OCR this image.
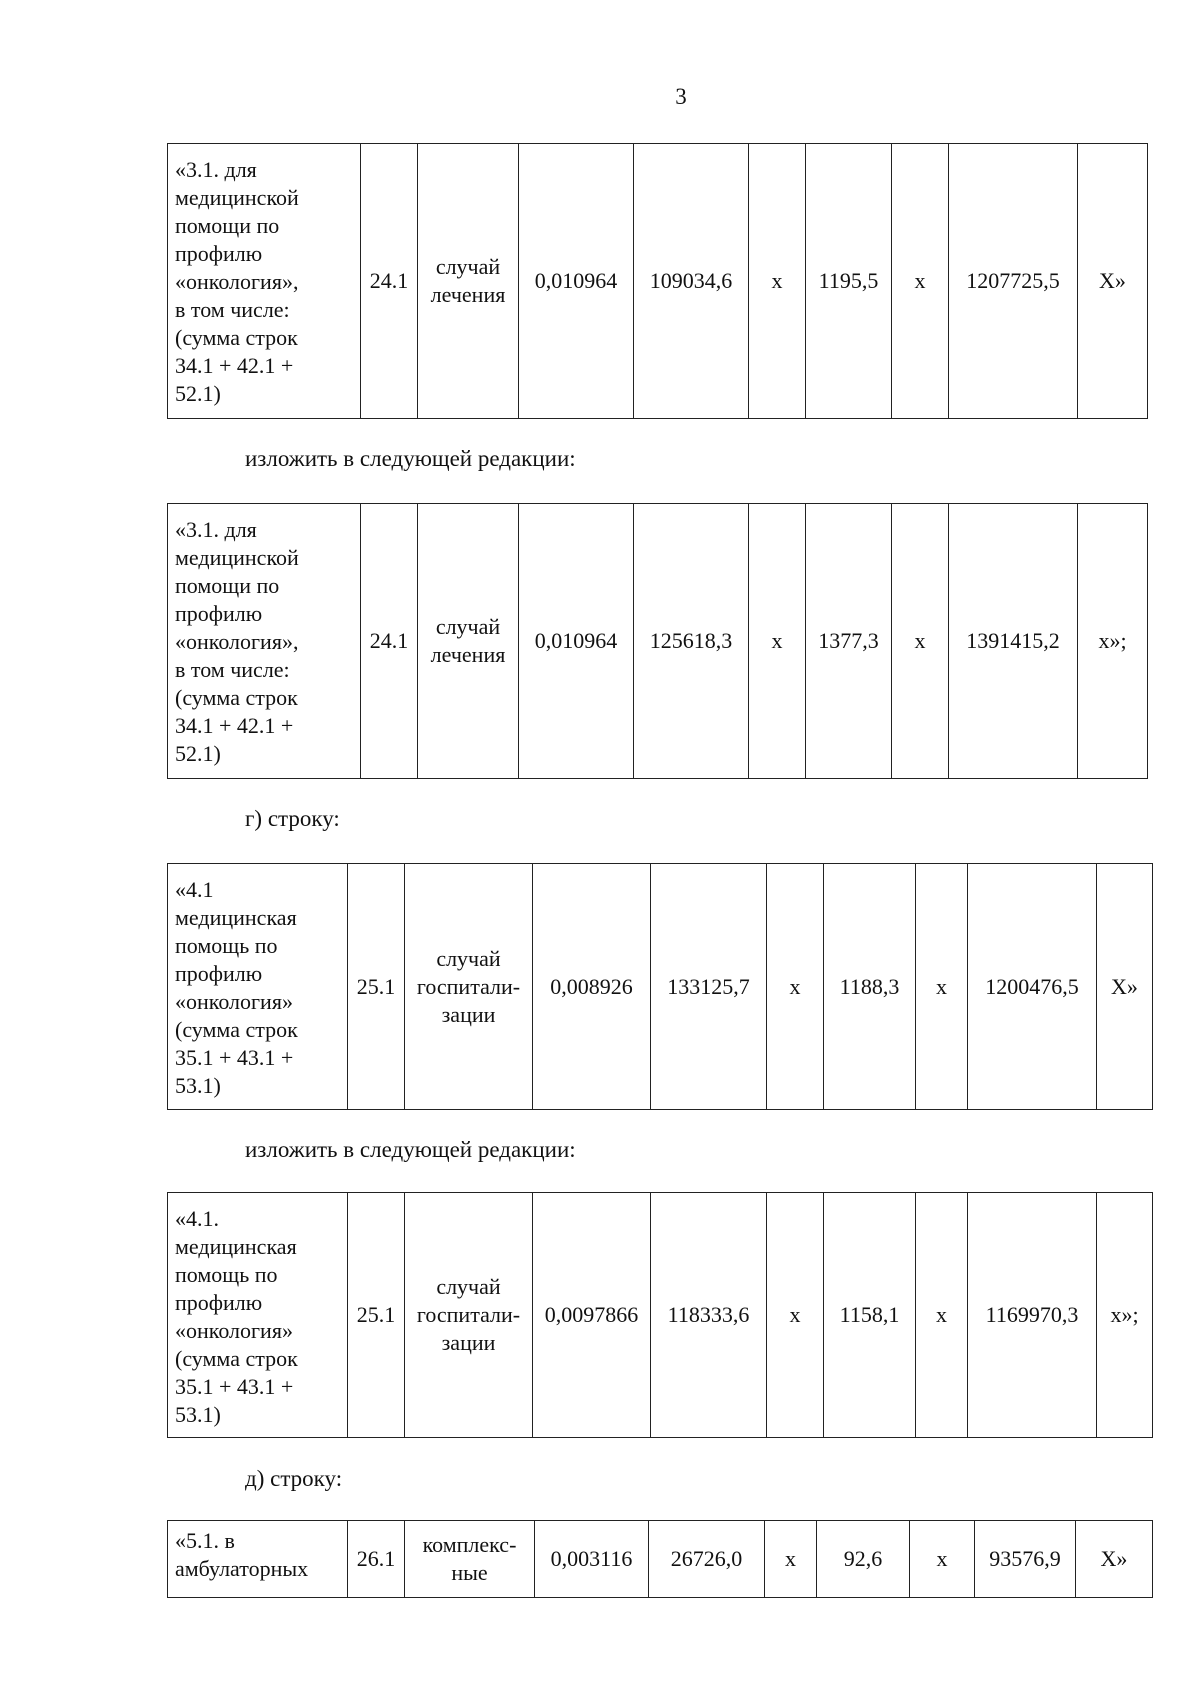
3
«3.1. для
медицинской
помощи по
профилю
«онкология»,
в том числе:
(сумма строк
34.1 + 42.1 +
52.1)	24.1	случай
лечения	0,010964	109034,6	х	1195,5	х	1207725,5	Х»
изложить в следующей редакции:
«3.1. для
медицинской
помощи по
профилю
«онкология»,
в том числе:
(сумма строк
34.1 + 42.1 +
52.1)	24.1	случай
лечения	0,010964	125618,3	х	1377,3	х	1391415,2	х»;
г) строку:
«4.1
медицинская
помощь по
профилю
«онкология»
(сумма строк
35.1 + 43.1 +
53.1)	25.1	случай
госпитали-
зации	0,008926	133125,7	х	1188,3	х	1200476,5	Х»
изложить в следующей редакции:
«4.1.
медицинская
помощь по
профилю
«онкология»
(сумма строк
35.1 + 43.1 +
53.1)	25.1	случай
госпитали-
зации	0,0097866	118333,6	х	1158,1	х	1169970,3	х»;
д) строку:
«5.1. в
амбулаторных	26.1	комплекс-
ные	0,003116	26726,0	х	92,6	х	93576,9	Х»
